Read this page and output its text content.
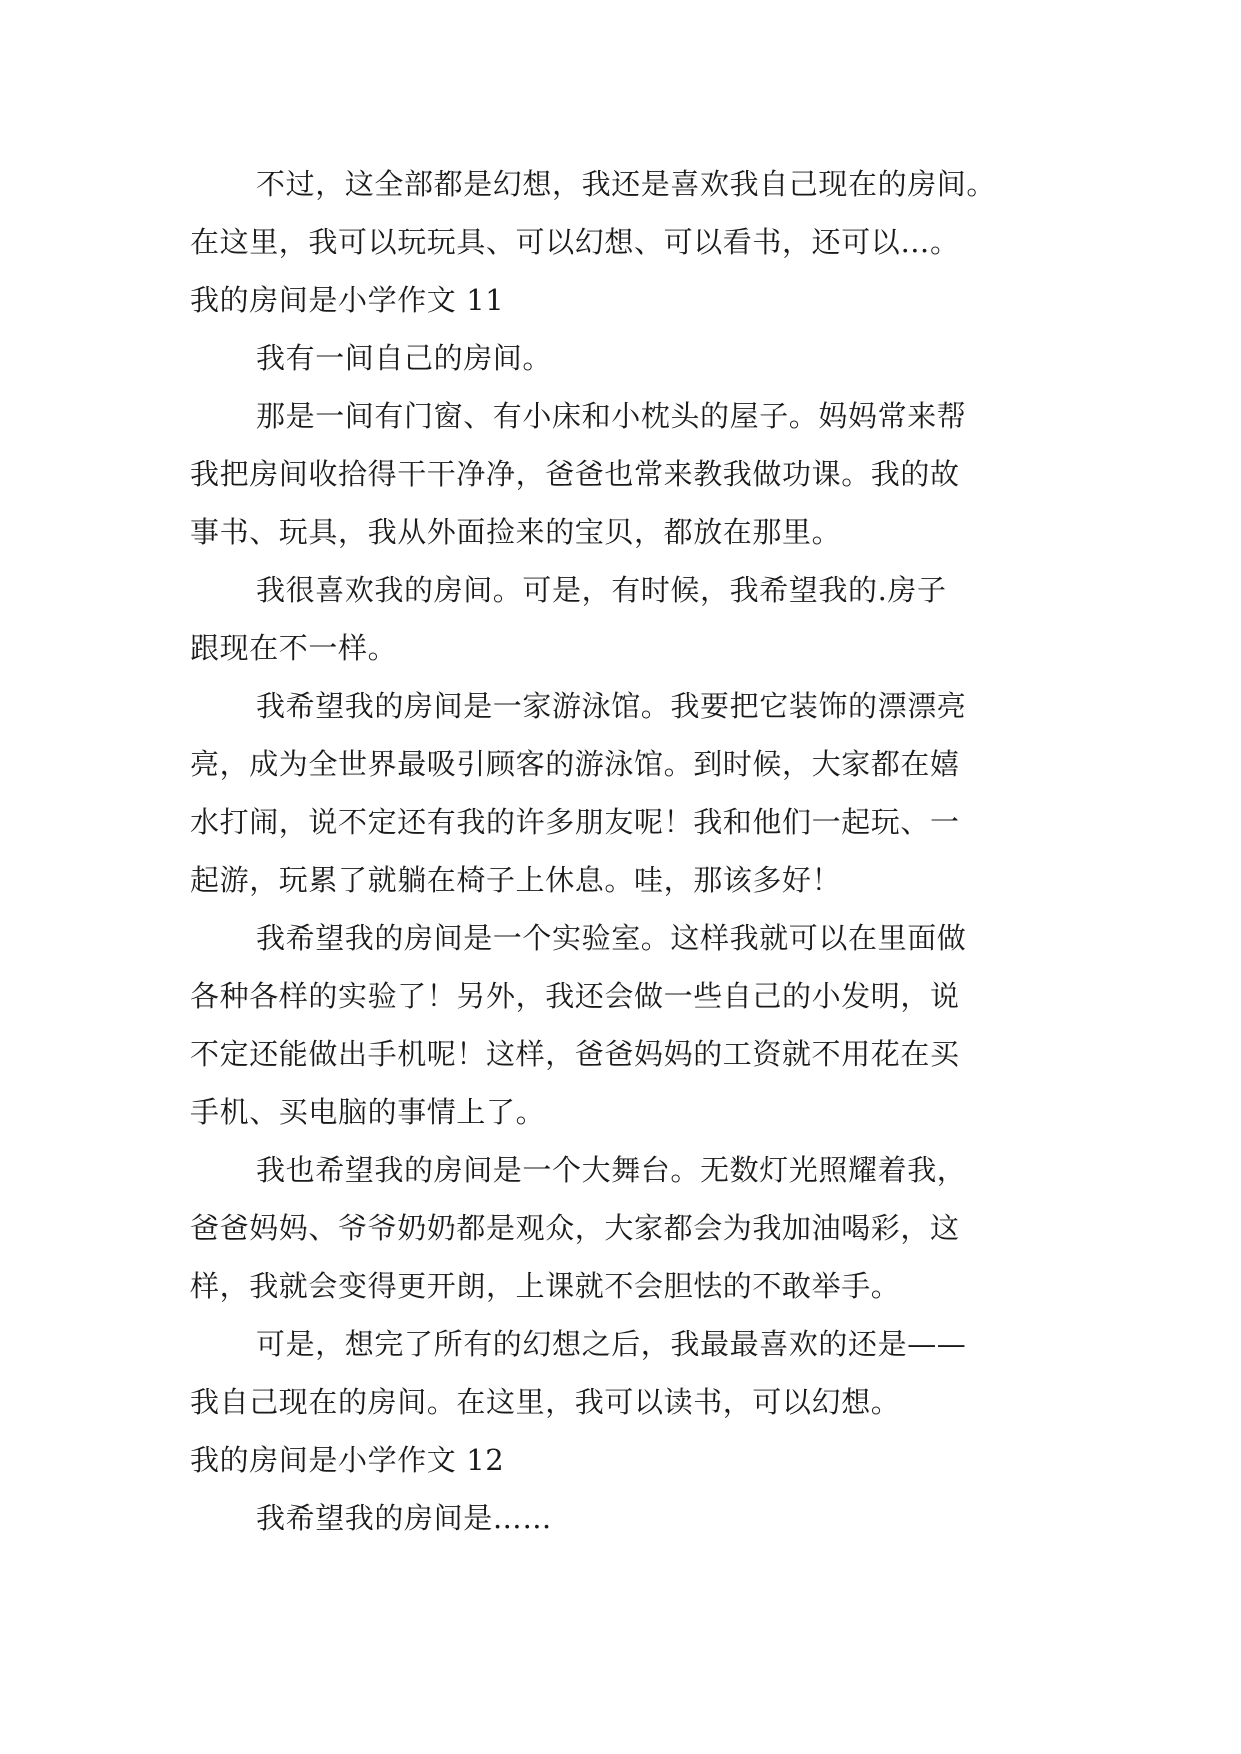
不过，这全部都是幻想，我还是喜欢我自己现在的房间。
在这里，我可以玩玩具、可以幻想、可以看书，还可以…。
我的房间是小学作文 11
我有一间自己的房间。
那是一间有门窗、有小床和小枕头的屋子。妈妈常来帮
我把房间收拾得干干净净，爸爸也常来教我做功课。我的故
事书、玩具，我从外面捡来的宝贝，都放在那里。
我很喜欢我的房间。可是，有时候，我希望我的.房子
跟现在不一样。
我希望我的房间是一家游泳馆。我要把它装饰的漂漂亮
亮，成为全世界最吸引顾客的游泳馆。到时候，大家都在嬉
水打闹，说不定还有我的许多朋友呢！我和他们一起玩、一
起游，玩累了就躺在椅子上休息。哇，那该多好！
我希望我的房间是一个实验室。这样我就可以在里面做
各种各样的实验了！另外，我还会做一些自己的小发明，说
不定还能做出手机呢！这样，爸爸妈妈的工资就不用花在买
手机、买电脑的事情上了。
我也希望我的房间是一个大舞台。无数灯光照耀着我，
爸爸妈妈、爷爷奶奶都是观众，大家都会为我加油喝彩，这
样，我就会变得更开朗，上课就不会胆怯的不敢举手。
可是，想完了所有的幻想之后，我最最喜欢的还是——
我自己现在的房间。在这里，我可以读书，可以幻想。
我的房间是小学作文 12
我希望我的房间是……
